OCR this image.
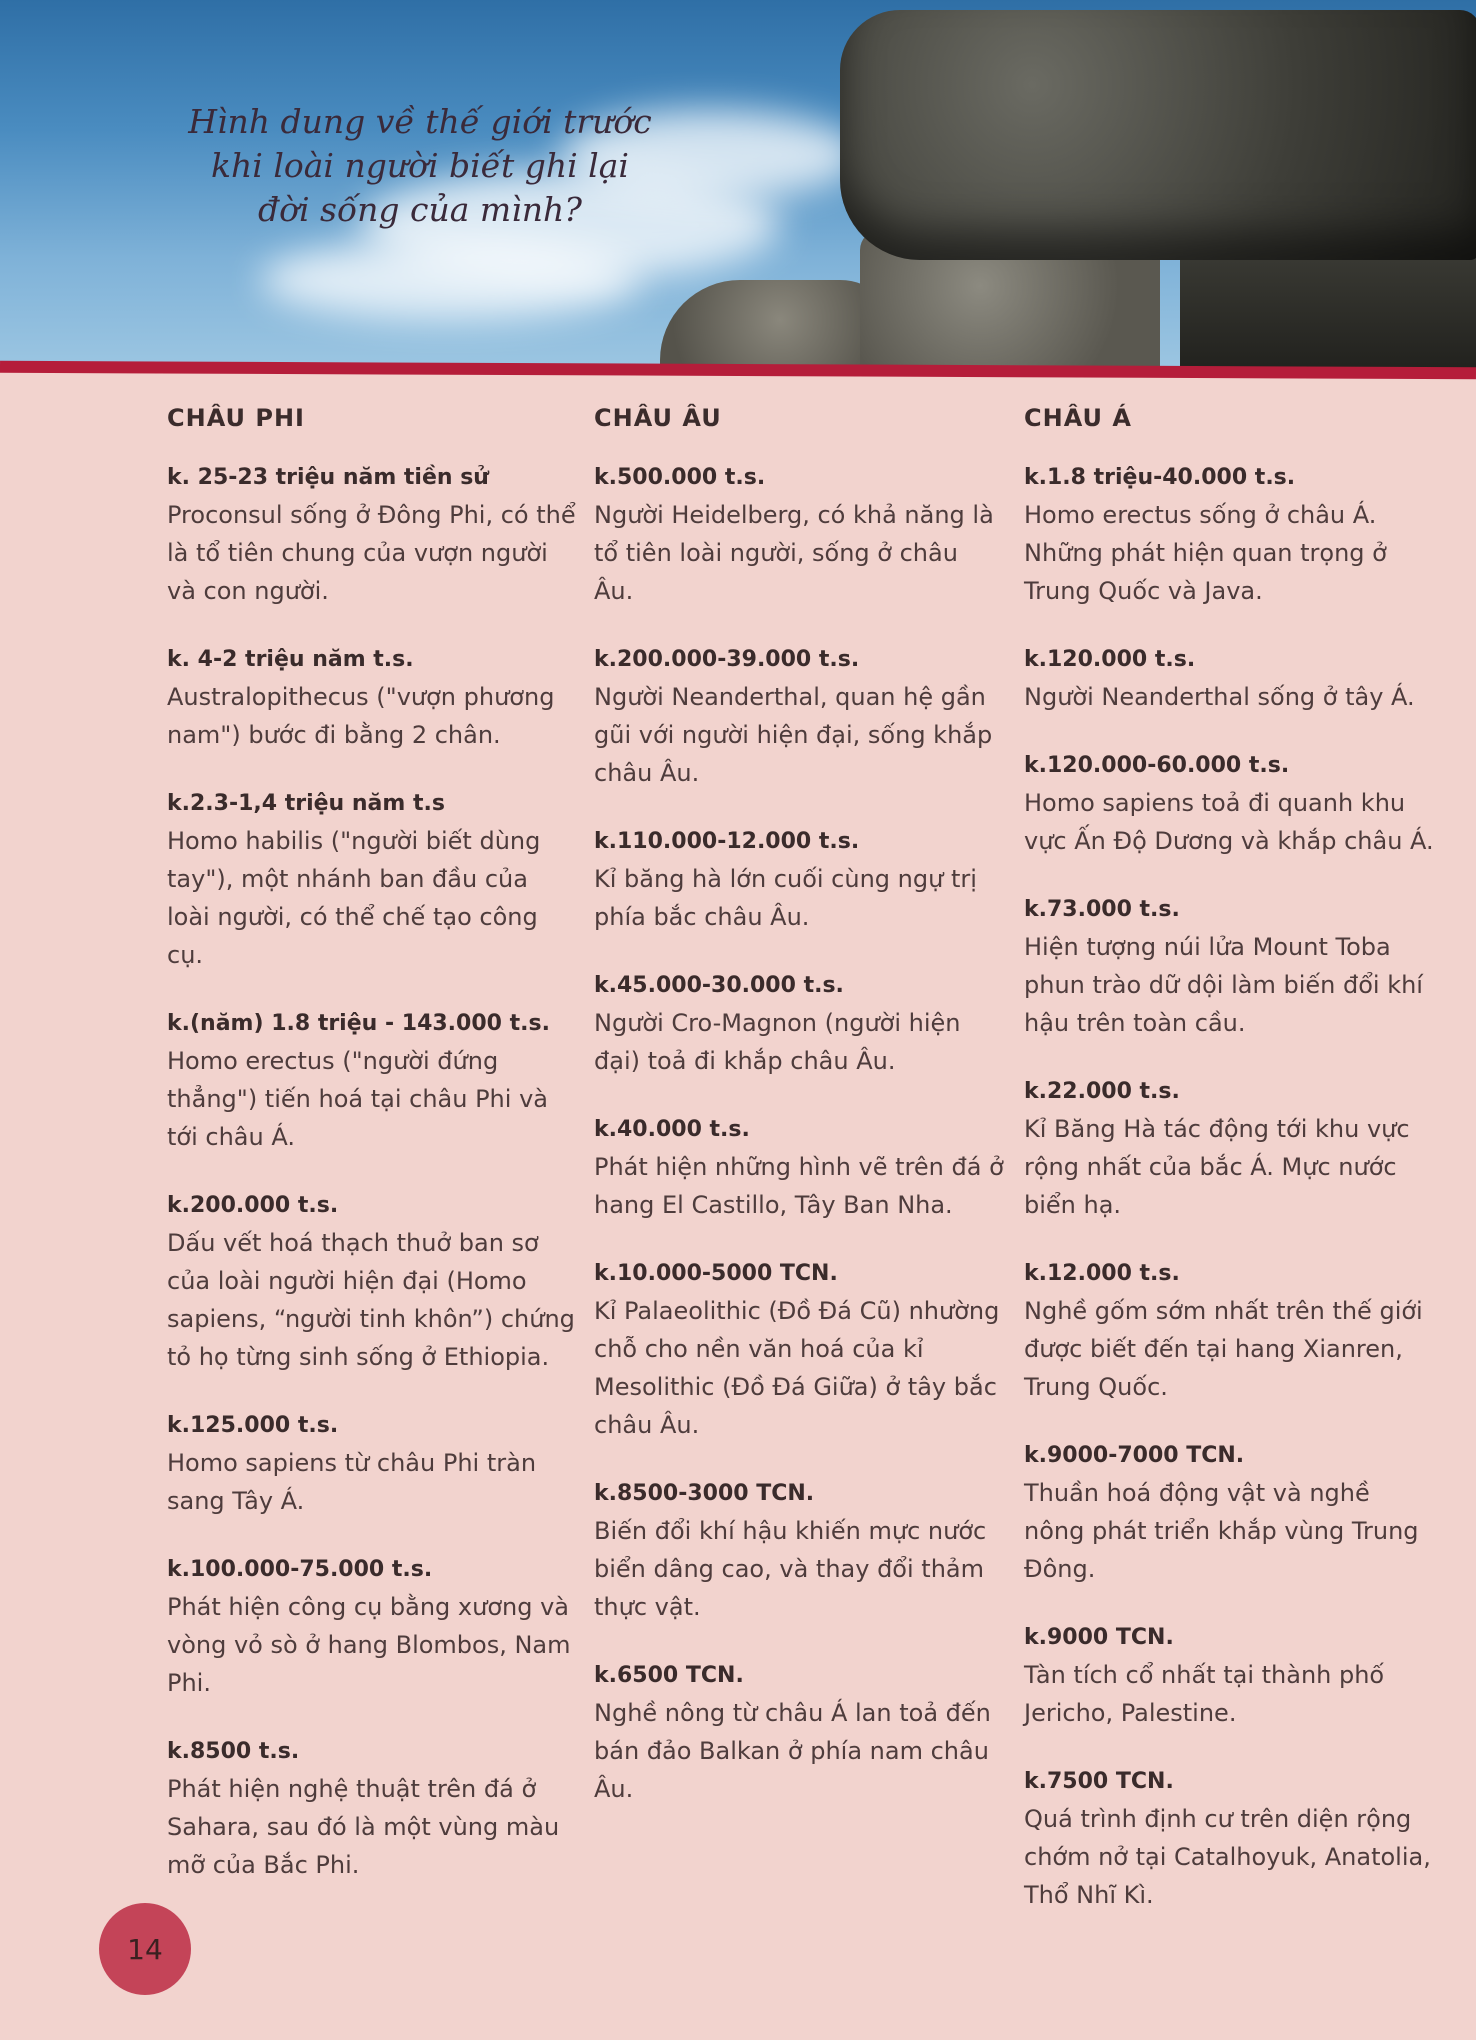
Hình dung về thế giới trước
khi loài người biết ghi lại
đời sống của mình?
CHÂU PHI
k. 25-23 triệu năm tiền sử
Proconsul sống ở Đông Phi, có thể là tổ tiên chung của vượn người và con người.
k. 4-2 triệu năm t.s.
Australopithecus ("vượn phương nam") bước đi bằng 2 chân.
k.2.3-1,4 triệu năm t.s
Homo habilis ("người biết dùng tay"), một nhánh ban đầu của loài người, có thể chế tạo công cụ.
k.(năm) 1.8 triệu - 143.000 t.s.
Homo erectus ("người đứng thẳng") tiến hoá tại châu Phi và tới châu Á.
k.200.000 t.s.
Dấu vết hoá thạch thuở ban sơ của loài người hiện đại (Homo sapiens, “người tinh khôn”) chứng tỏ họ từng sinh sống ở Ethiopia.
k.125.000 t.s.
Homo sapiens từ châu Phi tràn sang Tây Á.
k.100.000-75.000 t.s.
Phát hiện công cụ bằng xương và vòng vỏ sò ở hang Blombos, Nam Phi.
k.8500 t.s.
Phát hiện nghệ thuật trên đá ở Sahara, sau đó là một vùng màu mỡ của Bắc Phi.
CHÂU ÂU
k.500.000 t.s.
Người Heidelberg, có khả năng là tổ tiên loài người, sống ở châu Âu.
k.200.000-39.000 t.s.
Người Neanderthal, quan hệ gần gũi với người hiện đại, sống khắp châu Âu.
k.110.000-12.000 t.s.
Kỉ băng hà lớn cuối cùng ngự trị phía bắc châu Âu.
k.45.000-30.000 t.s.
Người Cro-Magnon (người hiện đại) toả đi khắp châu Âu.
k.40.000 t.s.
Phát hiện những hình vẽ trên đá ở hang El Castillo, Tây Ban Nha.
k.10.000-5000 TCN.
Kỉ Palaeolithic (Đồ Đá Cũ) nhường chỗ cho nền văn hoá của kỉ Mesolithic (Đồ Đá Giữa) ở tây bắc châu Âu.
k.8500-3000 TCN.
Biến đổi khí hậu khiến mực nước biển dâng cao, và thay đổi thảm thực vật.
k.6500 TCN.
Nghề nông từ châu Á lan toả đến bán đảo Balkan ở phía nam châu Âu.
CHÂU Á
k.1.8 triệu-40.000 t.s.
Homo erectus sống ở châu Á. Những phát hiện quan trọng ở Trung Quốc và Java.
k.120.000 t.s.
Người Neanderthal sống ở tây Á.
k.120.000-60.000 t.s.
Homo sapiens toả đi quanh khu vực Ấn Độ Dương và khắp châu Á.
k.73.000 t.s.
Hiện tượng núi lửa Mount Toba phun trào dữ dội làm biến đổi khí hậu trên toàn cầu.
k.22.000 t.s.
Kỉ Băng Hà tác động tới khu vực rộng nhất của bắc Á. Mực nước biển hạ.
k.12.000 t.s.
Nghề gốm sớm nhất trên thế giới được biết đến tại hang Xianren, Trung Quốc.
k.9000-7000 TCN.
Thuần hoá động vật và nghề nông phát triển khắp vùng Trung Đông.
k.9000 TCN.
Tàn tích cổ nhất tại thành phố Jericho, Palestine.
k.7500 TCN.
Quá trình định cư trên diện rộng chớm nở tại Catalhoyuk, Anatolia, Thổ Nhĩ Kì.
14
